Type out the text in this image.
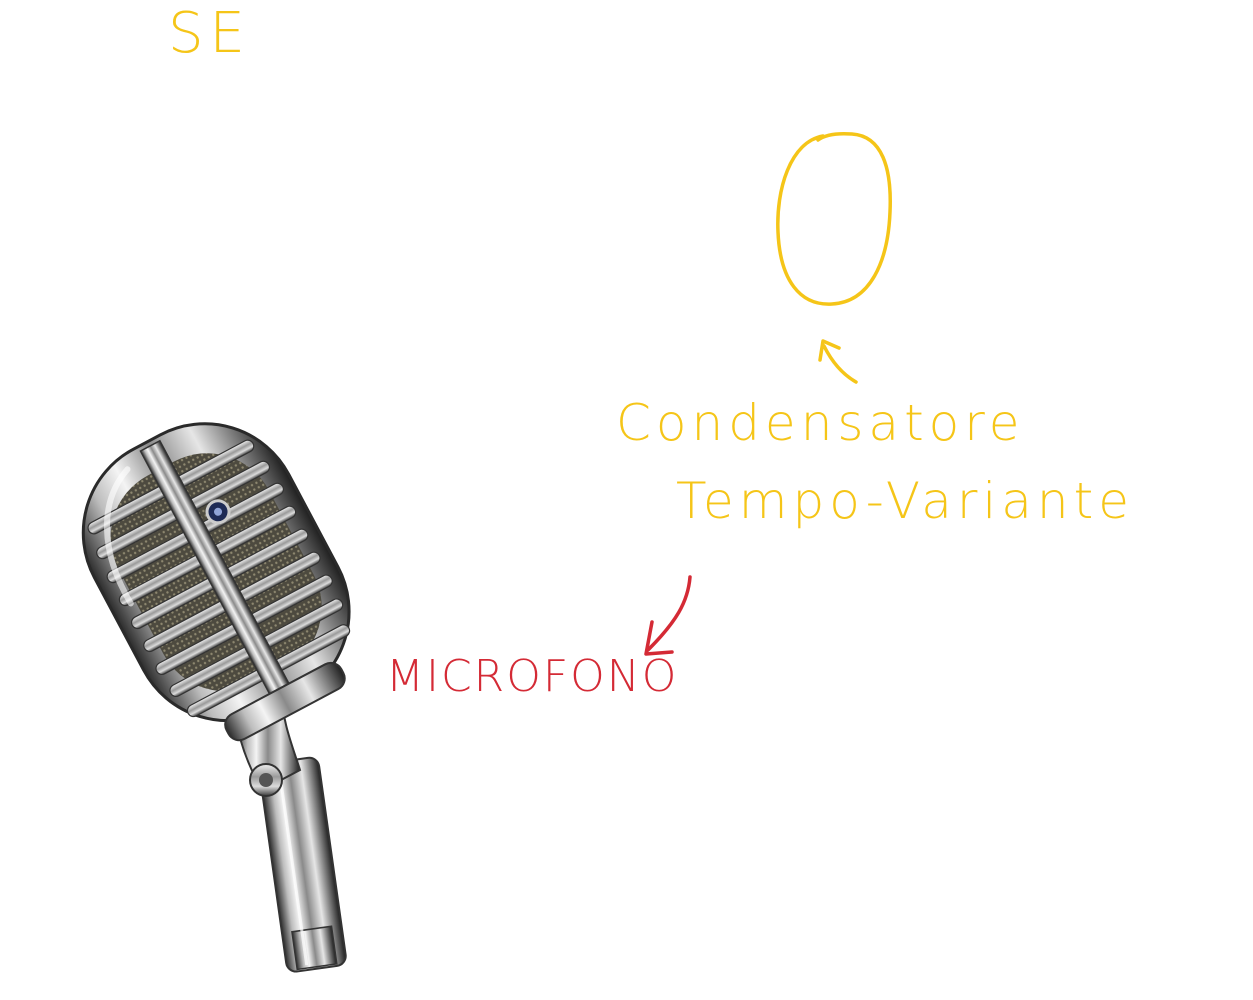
SE
Condensatore
Tempo-Variante
MICROFONO
